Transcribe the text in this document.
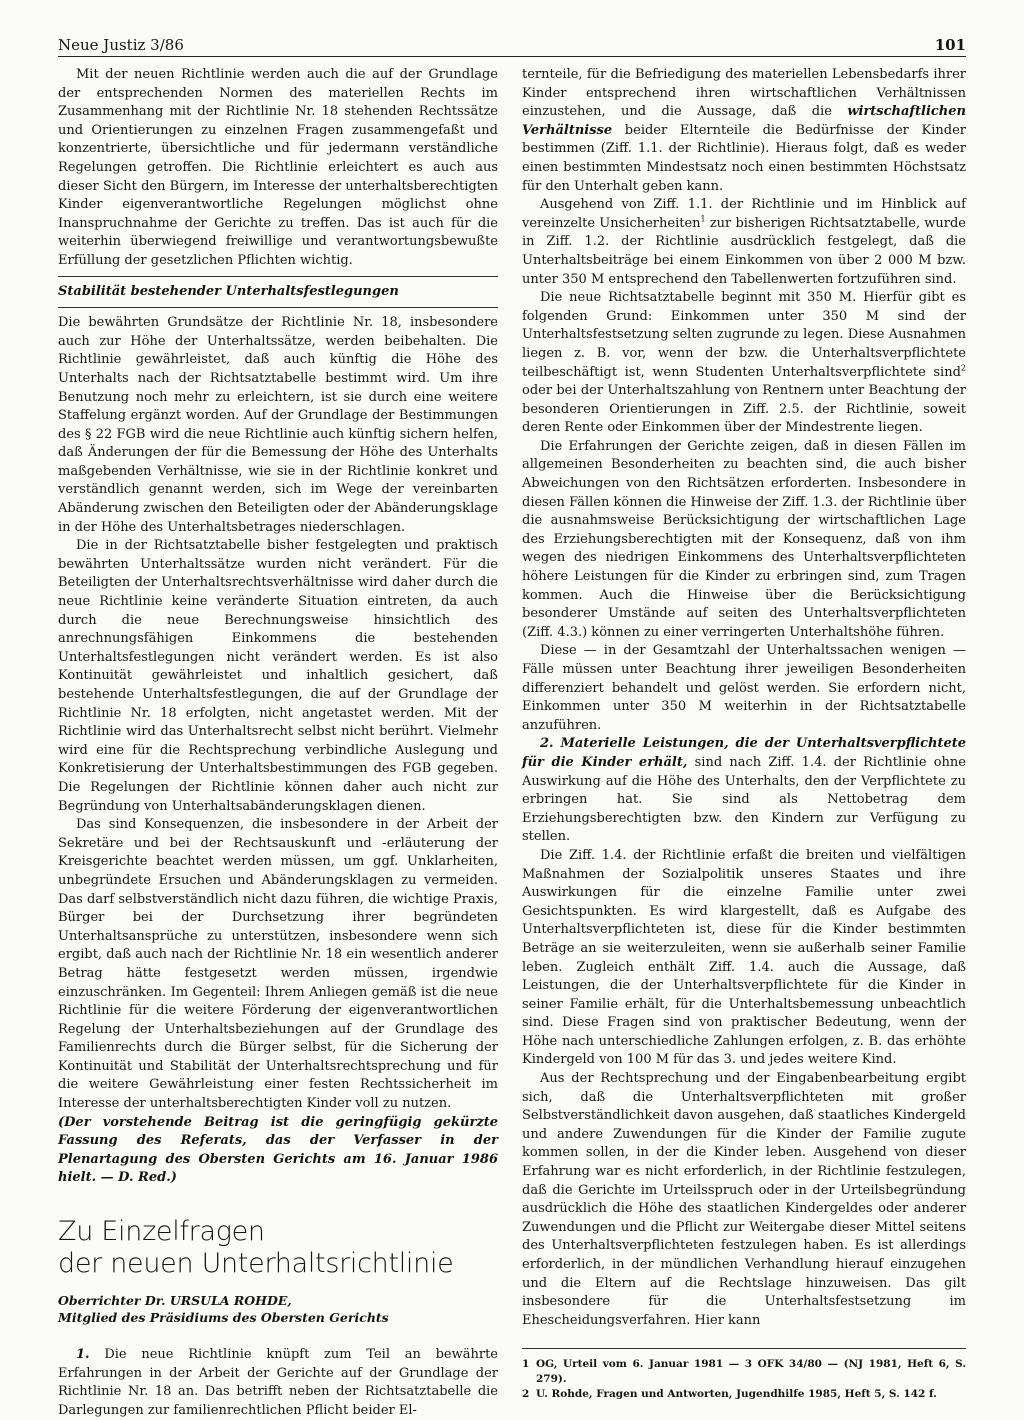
Neue Justiz 3/86	101

Mit der neuen Richtlinie werden auch die auf der Grundlage der entsprechenden Normen des materiellen Rechts im Zusammenhang mit der Richtlinie Nr. 18 stehenden Rechtssätze und Orientierungen zu einzelnen Fragen zusammengefaßt und konzentrierte, übersichtliche und für jedermann verständliche Regelungen getroffen. Die Richtlinie erleichtert es auch aus dieser Sicht den Bürgern, im Interesse der unterhaltsberechtigten Kinder eigenverantwortliche Regelungen möglichst ohne Inanspruchnahme der Gerichte zu treffen. Das ist auch für die weiterhin überwiegend freiwillige und verantwortungsbewußte Erfüllung der gesetzlichen Pflichten wichtig.

Stabilität bestehender Unterhaltsfestlegungen

Die bewährten Grundsätze der Richtlinie Nr. 18, insbesondere auch zur Höhe der Unterhaltssätze, werden beibehalten. Die Richtlinie gewährleistet, daß auch künftig die Höhe des Unterhalts nach der Richtsatztabelle bestimmt wird. Um ihre Benutzung noch mehr zu erleichtern, ist sie durch eine weitere Staffelung ergänzt worden. Auf der Grundlage der Bestimmungen des § 22 FGB wird die neue Richtlinie auch künftig sichern helfen, daß Änderungen der für die Bemessung der Höhe des Unterhalts maßgebenden Verhältnisse, wie sie in der Richtlinie konkret und verständlich genannt werden, sich im Wege der vereinbarten Abänderung zwischen den Beteiligten oder der Abänderungsklage in der Höhe des Unterhaltsbetrages niederschlagen.

Die in der Richtsatztabelle bisher festgelegten und praktisch bewährten Unterhaltssätze wurden nicht verändert. Für die Beteiligten der Unterhaltsrechtsverhältnisse wird daher durch die neue Richtlinie keine veränderte Situation eintreten, da auch durch die neue Berechnungsweise hinsichtlich des anrechnungsfähigen Einkommens die bestehenden Unterhaltsfestlegungen nicht verändert werden. Es ist also Kontinuität gewährleistet und inhaltlich gesichert, daß bestehende Unterhaltsfestlegungen, die auf der Grundlage der Richtlinie Nr. 18 erfolgten, nicht angetastet werden. Mit der Richtlinie wird das Unterhaltsrecht selbst nicht berührt. Vielmehr wird eine für die Rechtsprechung verbindliche Auslegung und Konkretisierung der Unterhaltsbestimmungen des FGB gegeben. Die Regelungen der Richtlinie können daher auch nicht zur Begründung von Unterhaltsabänderungsklagen dienen.

Das sind Konsequenzen, die insbesondere in der Arbeit der Sekretäre und bei der Rechtsauskunft und -erläuterung der Kreisgerichte beachtet werden müssen, um ggf. Unklarheiten, unbegründete Ersuchen und Abänderungsklagen zu vermeiden. Das darf selbstverständlich nicht dazu führen, die wichtige Praxis, Bürger bei der Durchsetzung ihrer begründeten Unterhaltsansprüche zu unterstützen, insbesondere wenn sich ergibt, daß auch nach der Richtlinie Nr. 18 ein wesentlich anderer Betrag hätte festgesetzt werden müssen, irgendwie einzuschränken. Im Gegenteil: Ihrem Anliegen gemäß ist die neue Richtlinie für die weitere Förderung der eigenverantwortlichen Regelung der Unterhaltsbeziehungen auf der Grundlage des Familienrechts durch die Bürger selbst, für die Sicherung der Kontinuität und Stabilität der Unterhaltsrechtsprechung und für die weitere Gewährleistung einer festen Rechtssicherheit im Interesse der unterhaltsberechtigten Kinder voll zu nutzen.

(Der vorstehende Beitrag ist die geringfügig gekürzte Fassung des Referats, das der Verfasser in der Plenartagung des Obersten Gerichts am 16. Januar 1986 hielt. — D. Red.)

Zu Einzelfragen
der neuen Unterhaltsrichtlinie
Oberrichter Dr. URSULA ROHDE,
Mitglied des Präsidiums des Obersten Gerichts

1. Die neue Richtlinie knüpft zum Teil an bewährte Erfahrungen in der Arbeit der Gerichte auf der Grundlage der Richtlinie Nr. 18 an. Das betrifft neben der Richtsatztabelle die Darlegungen zur familienrechtlichen Pflicht beider El-

ternteile, für die Befriedigung des materiellen Lebensbedarfs ihrer Kinder entsprechend ihren wirtschaftlichen Verhältnissen einzustehen, und die Aussage, daß die wirtschaftlichen Verhältnisse beider Elternteile die Bedürfnisse der Kinder bestimmen (Ziff. 1.1. der Richtlinie). Hieraus folgt, daß es weder einen bestimmten Mindestsatz noch einen bestimmten Höchstsatz für den Unterhalt geben kann.

Ausgehend von Ziff. 1.1. der Richtlinie und im Hinblick auf vereinzelte Unsicherheiten$^1$ zur bisherigen Richtsatztabelle, wurde in Ziff. 1.2. der Richtlinie ausdrücklich festgelegt, daß die Unterhaltsbeiträge bei einem Einkommen von über 2 000 M bzw. unter 350 M entsprechend den Tabellenwerten fortzuführen sind.

Die neue Richtsatztabelle beginnt mit 350 M. Hierfür gibt es folgenden Grund: Einkommen unter 350 M sind der Unterhaltsfestsetzung selten zugrunde zu legen. Diese Ausnahmen liegen z. B. vor, wenn der bzw. die Unterhaltsverpflichtete teilbeschäftigt ist, wenn Studenten Unterhaltsverpflichtete sind$^2$ oder bei der Unterhaltszahlung von Rentnern unter Beachtung der besonderen Orientierungen in Ziff. 2.5. der Richtlinie, soweit deren Rente oder Einkommen über der Mindestrente liegen.

Die Erfahrungen der Gerichte zeigen, daß in diesen Fällen im allgemeinen Besonderheiten zu beachten sind, die auch bisher Abweichungen von den Richtsätzen erforderten. Insbesondere in diesen Fällen können die Hinweise der Ziff. 1.3. der Richtlinie über die ausnahmsweise Berücksichtigung der wirtschaftlichen Lage des Erziehungsberechtigten mit der Konsequenz, daß von ihm wegen des niedrigen Einkommens des Unterhaltsverpflichteten höhere Leistungen für die Kinder zu erbringen sind, zum Tragen kommen. Auch die Hinweise über die Berücksichtigung besonderer Umstände auf seiten des Unterhaltsverpflichteten (Ziff. 4.3.) können zu einer verringerten Unterhaltshöhe führen.

Diese — in der Gesamtzahl der Unterhaltssachen wenigen — Fälle müssen unter Beachtung ihrer jeweiligen Besonderheiten differenziert behandelt und gelöst werden. Sie erfordern nicht, Einkommen unter 350 M weiterhin in der Richtsatztabelle anzuführen.

2. Materielle Leistungen, die der Unterhaltsverpflichtete für die Kinder erhält, sind nach Ziff. 1.4. der Richtlinie ohne Auswirkung auf die Höhe des Unterhalts, den der Verpflichtete zu erbringen hat. Sie sind als Nettobetrag dem Erziehungsberechtigten bzw. den Kindern zur Verfügung zu stellen.

Die Ziff. 1.4. der Richtlinie erfaßt die breiten und vielfältigen Maßnahmen der Sozialpolitik unseres Staates und ihre Auswirkungen für die einzelne Familie unter zwei Gesichtspunkten. Es wird klargestellt, daß es Aufgabe des Unterhaltsverpflichteten ist, diese für die Kinder bestimmten Beträge an sie weiterzuleiten, wenn sie außerhalb seiner Familie leben. Zugleich enthält Ziff. 1.4. auch die Aussage, daß Leistungen, die der Unterhaltsverpflichtete für die Kinder in seiner Familie erhält, für die Unterhaltsbemessung unbeachtlich sind. Diese Fragen sind von praktischer Bedeutung, wenn der Höhe nach unterschiedliche Zahlungen erfolgen, z. B. das erhöhte Kindergeld von 100 M für das 3. und jedes weitere Kind.

Aus der Rechtsprechung und der Eingabenbearbeitung ergibt sich, daß die Unterhaltsverpflichteten mit großer Selbstverständlichkeit davon ausgehen, daß staatliches Kindergeld und andere Zuwendungen für die Kinder der Familie zugute kommen sollen, in der die Kinder leben. Ausgehend von dieser Erfahrung war es nicht erforderlich, in der Richtlinie festzulegen, daß die Gerichte im Urteilsspruch oder in der Urteilsbegründung ausdrücklich die Höhe des staatlichen Kindergeldes oder anderer Zuwendungen und die Pflicht zur Weitergabe dieser Mittel seitens des Unterhaltsverpflichteten festzulegen haben. Es ist allerdings erforderlich, in der mündlichen Verhandlung hierauf einzugehen und die Eltern auf die Rechtslage hinzuweisen. Das gilt insbesondere für die Unterhaltsfestsetzung im Ehescheidungsverfahren. Hier kann

1 OG, Urteil vom 6. Januar 1981 — 3 OFK 34/80 — (NJ 1981, Heft 6, S. 279).

2 U. Rohde, Fragen und Antworten, Jugendhilfe 1985, Heft 5, S. 142 f.
